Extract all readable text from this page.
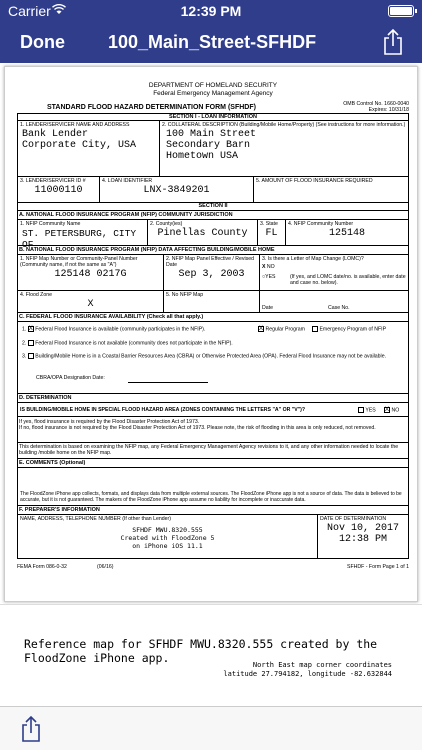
Carrier	12:39 PM
Done 100_Main_Street-SFHDF
DEPARTMENT OF HOMELAND SECURITY
Federal Emergency Management Agency
STANDARD FLOOD HAZARD DETERMINATION FORM (SFHDF)	OMB Control No. 1660-0040
Expires: 10/31/18
SECTION I - LOAN INFORMATION
1. LENDER/SERVICER NAME AND ADDRESS
Bank Lender
Corporate City, USA
2. COLLATERAL DESCRIPTION (Building/Mobile Home/Property) (See instructions for more information.)
100 Main Street
Secondary Barn
Hometown USA
3. LENDER/SERVICER ID #
11000110
4. LOAN IDENTIFIER
LNX-3849201
5. AMOUNT OF FLOOD INSURANCE REQUIRED
SECTION II
A. NATIONAL FLOOD INSURANCE PROGRAM (NFIP) COMMUNITY JURISDICTION
1. NFIP Community Name
ST. PETERSBURG, CITY OF
2. County(ies)
Pinellas County
3. State
FL
4. NFIP Community Number
125148
B. NATIONAL FLOOD INSURANCE PROGRAM (NFIP) DATA AFFECTING BUILDING/MOBILE HOME
1. NFIP Map Number or Community-Panel Number (Community name, if not the same as "A")
125148 0217G
2. NFIP Map Panel Effective / Revised Date
Sep 3, 2003
3. Is there a Letter of Map Change (LOMC)?
X NO
○YES	(If yes, and LOMC date/no. is available, enter date and case no. below).
4. Flood Zone
X
5. No NFIP Map
Date	Case No.
C. FEDERAL FLOOD INSURANCE AVAILABILITY (Check all that apply.)
1. X Federal Flood Insurance is available (community participates in the NFIP).	X Regular Program	Emergency Program of NFIP
2.  Federal Flood Insurance is not available (community does not participate in the NFIP).
3.  Building/Mobile Home is in a Coastal Barrier Resources Area (CBRA) or Otherwise Protected Area (OPA). Federal Flood Insurance may not be available.
CBRA/OPA Designation Date:
D. DETERMINATION
IS BUILDING/MOBILE HOME IN SPECIAL FLOOD HAZARD AREA (ZONES CONTAINING THE LETTERS "A" OR "V")?	YES	X NO
If yes, flood insurance is required by the Flood Disaster Protection Act of 1973.
If no, flood insurance is not required by the Flood Disaster Protection Act of 1973. Please note, the risk of flooding in this area is only reduced, not removed.
This determination is based on examining the NFIP map, any Federal Emergency Management Agency revisions to it, and any other information needed to locate the building /mobile home on the NFIP map.
E. COMMENTS (Optional)
The FloodZone iPhone app collects, formats, and displays data from multiple external sources. The FloodZone iPhone app is not a source of data. The data is believed to be accurate, but it is not guaranteed. The makers of the FloodZone iPhone app assume no liability for incomplete or inaccurate data.
F. PREPARER'S INFORMATION
NAME, ADDRESS, TELEPHONE NUMBER (If other than Lender)
SFHDF MWU.8320.555
Created with FloodZone 5
on iPhone iOS 11.1
DATE OF DETERMINATION
Nov 10, 2017
12:38 PM
FEMA Form 086-0-32	(06/16)	SFHDF - Form Page 1 of 1
Reference map for SFHDF MWU.8320.555 created by the FloodZone iPhone app.	North East map corner coordinates
latitude 27.794182, longitude -82.632844
